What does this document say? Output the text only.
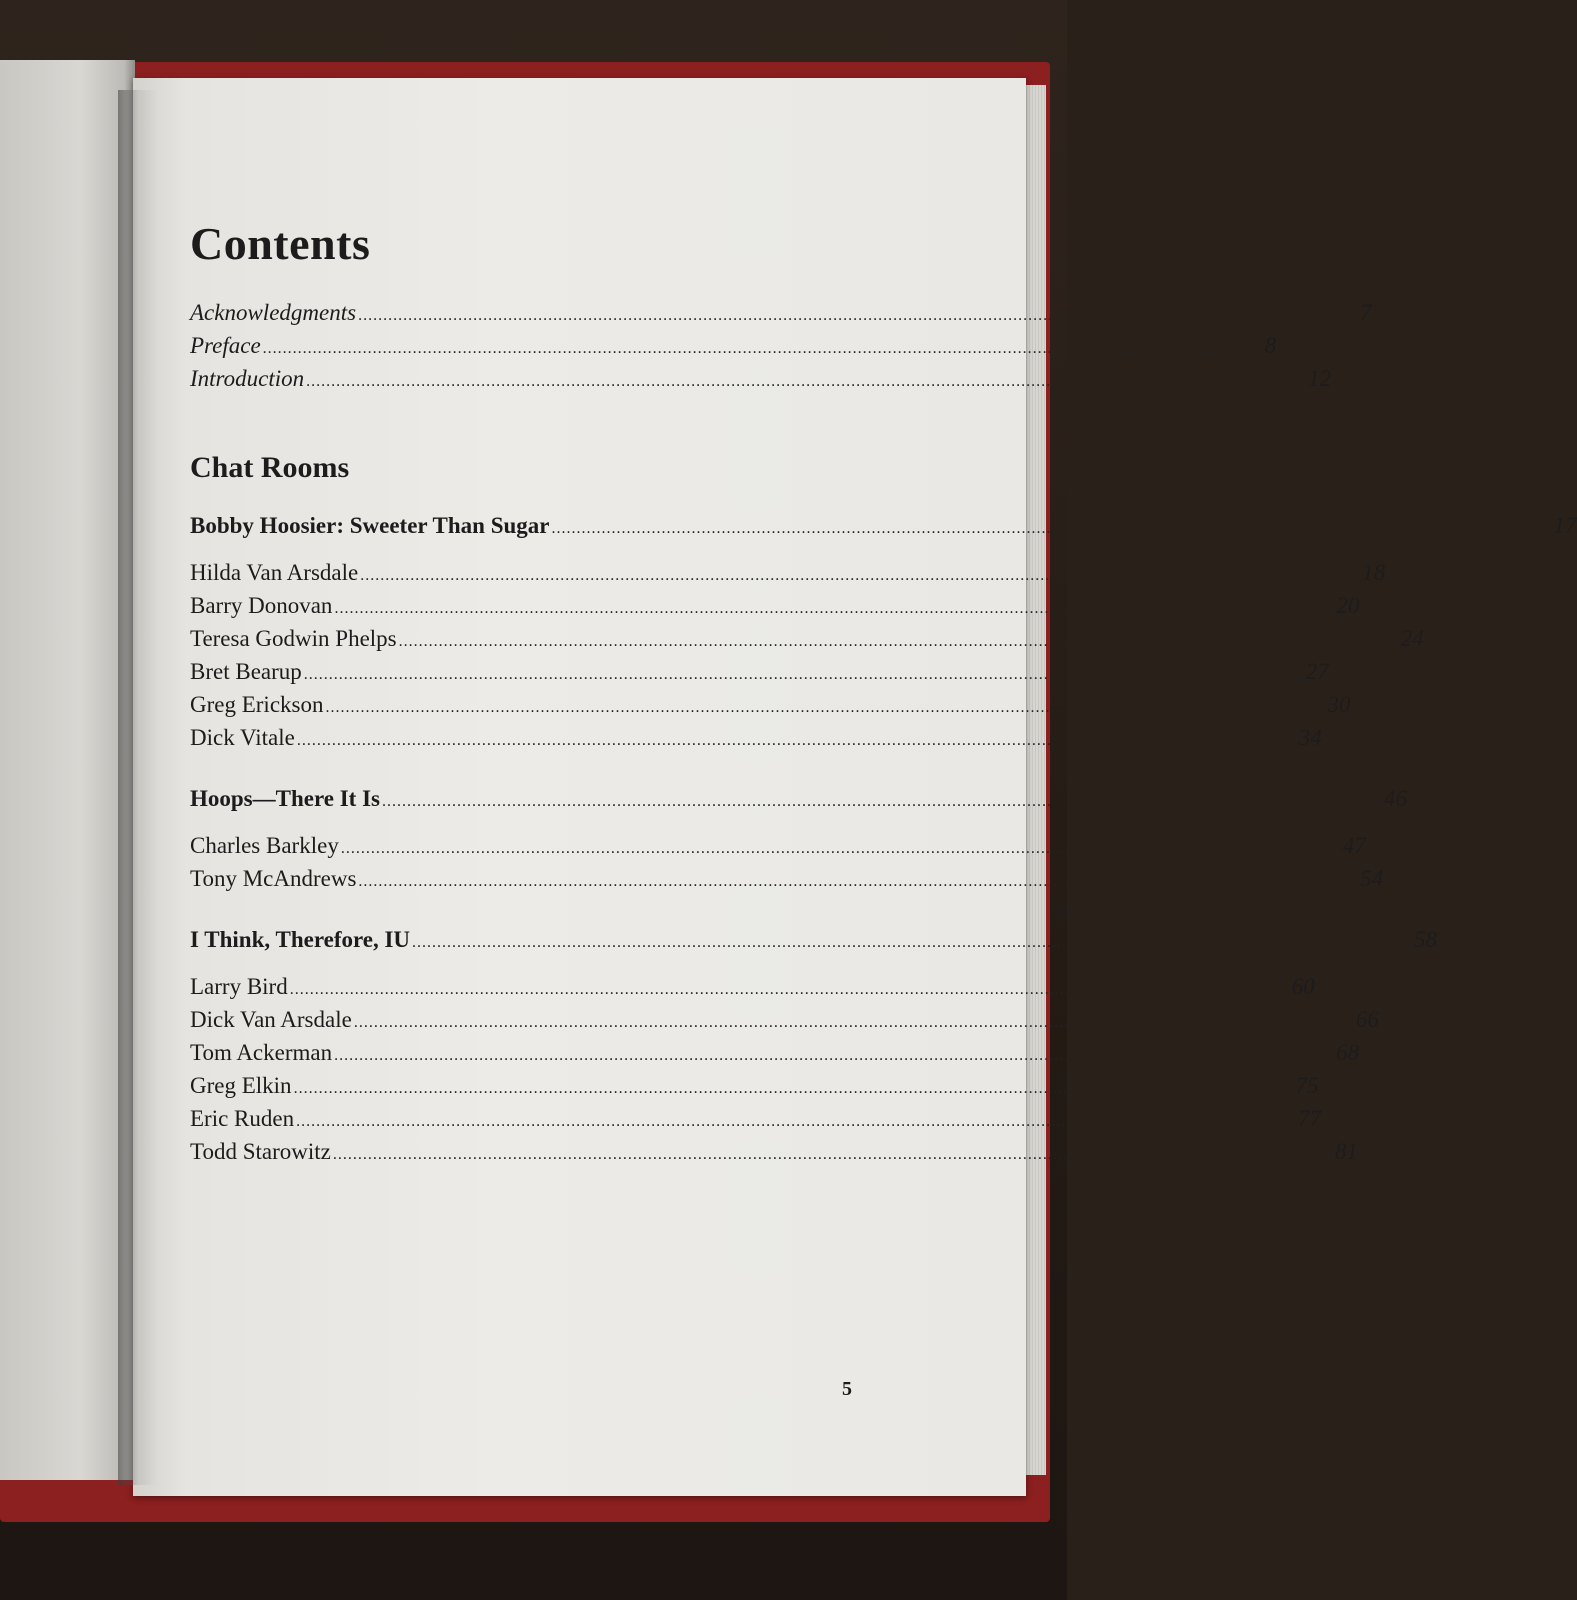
Contents
Acknowledgments ........................................................................................................................................................................................................ 7
Preface ........................................................................................................................................................................................................ 8
Introduction ........................................................................................................................................................................................................ 12
Chat Rooms
Bobby Hoosier: Sweeter Than Sugar ........................................................................................................................................................................................................ 17
Hilda Van Arsdale ........................................................................................................................................................................................................ 18
Barry Donovan ........................................................................................................................................................................................................ 20
Teresa Godwin Phelps ........................................................................................................................................................................................................ 24
Bret Bearup ........................................................................................................................................................................................................ 27
Greg Erickson ........................................................................................................................................................................................................ 30
Dick Vitale ........................................................................................................................................................................................................ 34
Hoops—There It Is ........................................................................................................................................................................................................ 46
Charles Barkley ........................................................................................................................................................................................................ 47
Tony McAndrews ........................................................................................................................................................................................................ 54
I Think, Therefore, IU ........................................................................................................................................................................................................ 58
Larry Bird ........................................................................................................................................................................................................ 60
Dick Van Arsdale ........................................................................................................................................................................................................ 66
Tom Ackerman ........................................................................................................................................................................................................ 68
Greg Elkin ........................................................................................................................................................................................................ 75
Eric Ruden ........................................................................................................................................................................................................ 77
Todd Starowitz ........................................................................................................................................................................................................ 81
5
